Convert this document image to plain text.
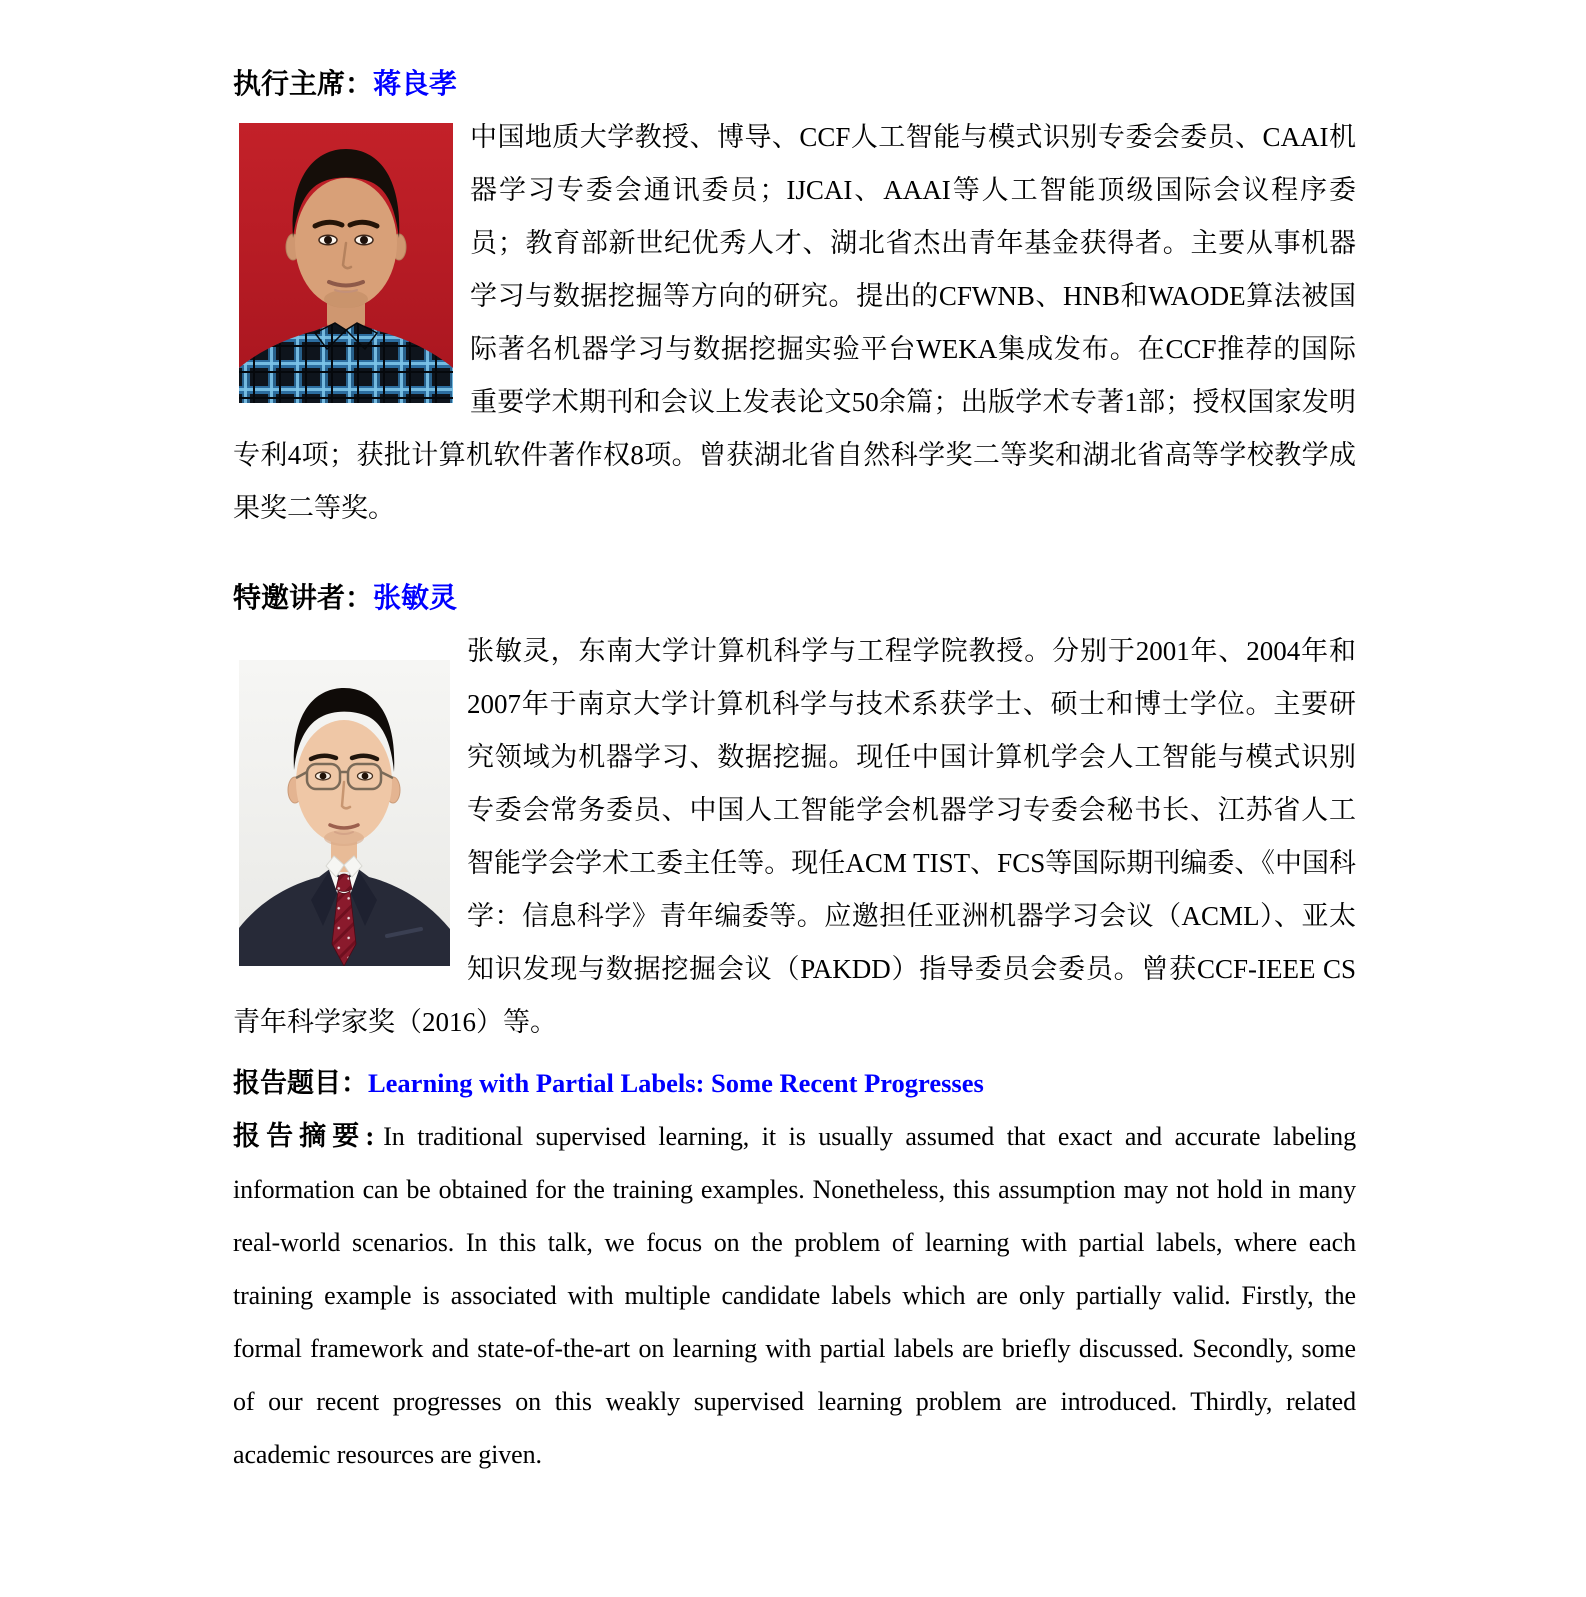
执行主席：蒋良孝

中国地质大学教授、博导、CCF人工智能与模式识别专委会委员、CAAI机器学习专委会通讯委员；IJCAI、AAAI等人工智能顶级国际会议程序委员；教育部新世纪优秀人才、湖北省杰出青年基金获得者。主要从事机器学习与数据挖掘等方向的研究。提出的CFWNB、HNB和WAODE算法被国际著名机器学习与数据挖掘实验平台WEKA集成发布。在CCF推荐的国际重要学术期刊和会议上发表论文50余篇；出版学术专著1部；授权国家发明专利4项；获批计算机软件著作权8项。曾获湖北省自然科学奖二等奖和湖北省高等学校教学成果奖二等奖。

特邀讲者：张敏灵

张敏灵，东南大学计算机科学与工程学院教授。分别于2001年、2004年和2007年于南京大学计算机科学与技术系获学士、硕士和博士学位。主要研究领域为机器学习、数据挖掘。现任中国计算机学会人工智能与模式识别专委会常务委员、中国人工智能学会机器学习专委会秘书长、江苏省人工智能学会学术工委主任等。现任ACM TIST、FCS等国际期刊编委、《中国科学：信息科学》青年编委等。应邀担任亚洲机器学习会议（ACML）、亚太知识发现与数据挖掘会议（PAKDD）指导委员会委员。曾获CCF-IEEE CS青年科学家奖（2016）等。

报告题目：Learning with Partial Labels: Some Recent Progresses

报告摘要: In traditional supervised learning, it is usually assumed that exact and accurate labeling information can be obtained for the training examples. Nonetheless, this assumption may not hold in many real-world scenarios. In this talk, we focus on the problem of learning with partial labels, where each training example is associated with multiple candidate labels which are only partially valid. Firstly, the formal framework and state-of-the-art on learning with partial labels are briefly discussed. Secondly, some of our recent progresses on this weakly supervised learning problem are introduced. Thirdly, related academic resources are given.
